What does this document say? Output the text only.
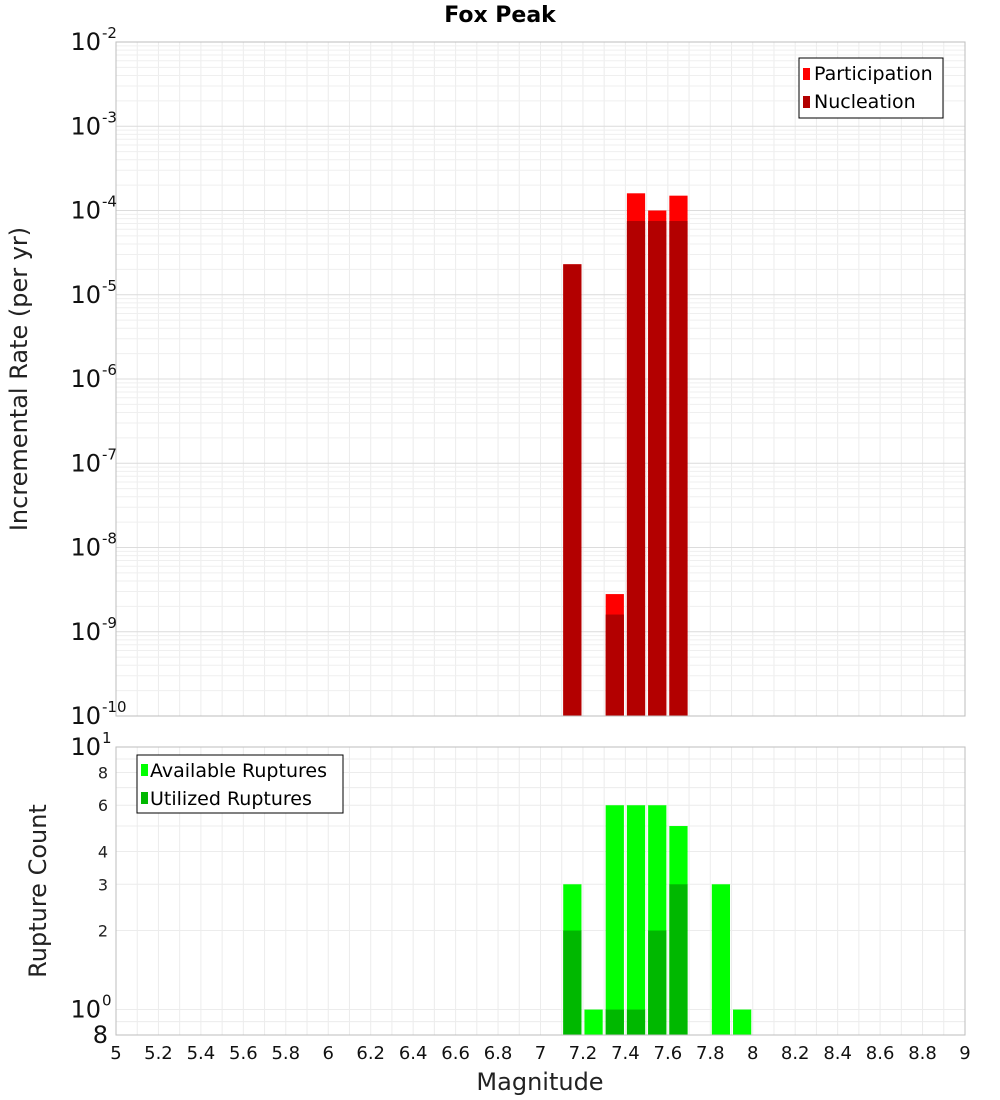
Fox Peak
-10
10
-9
10
-8
10
-7
10
-6
10
-5
10
-4
10
-3
10
-2
10
Incremental Rate (per yr)
Participation
Nucleation
0
10
1
10
8
2
3
4
6
8
Rupture Count
Available Ruptures
Utilized Ruptures
5 5.2 5.4 5.6 5.8 6 6.2 6.4 6.6 6.8 7 7.2 7.4 7.6 7.8 8 8.2 8.4 8.6 8.8 9
Magnitude
